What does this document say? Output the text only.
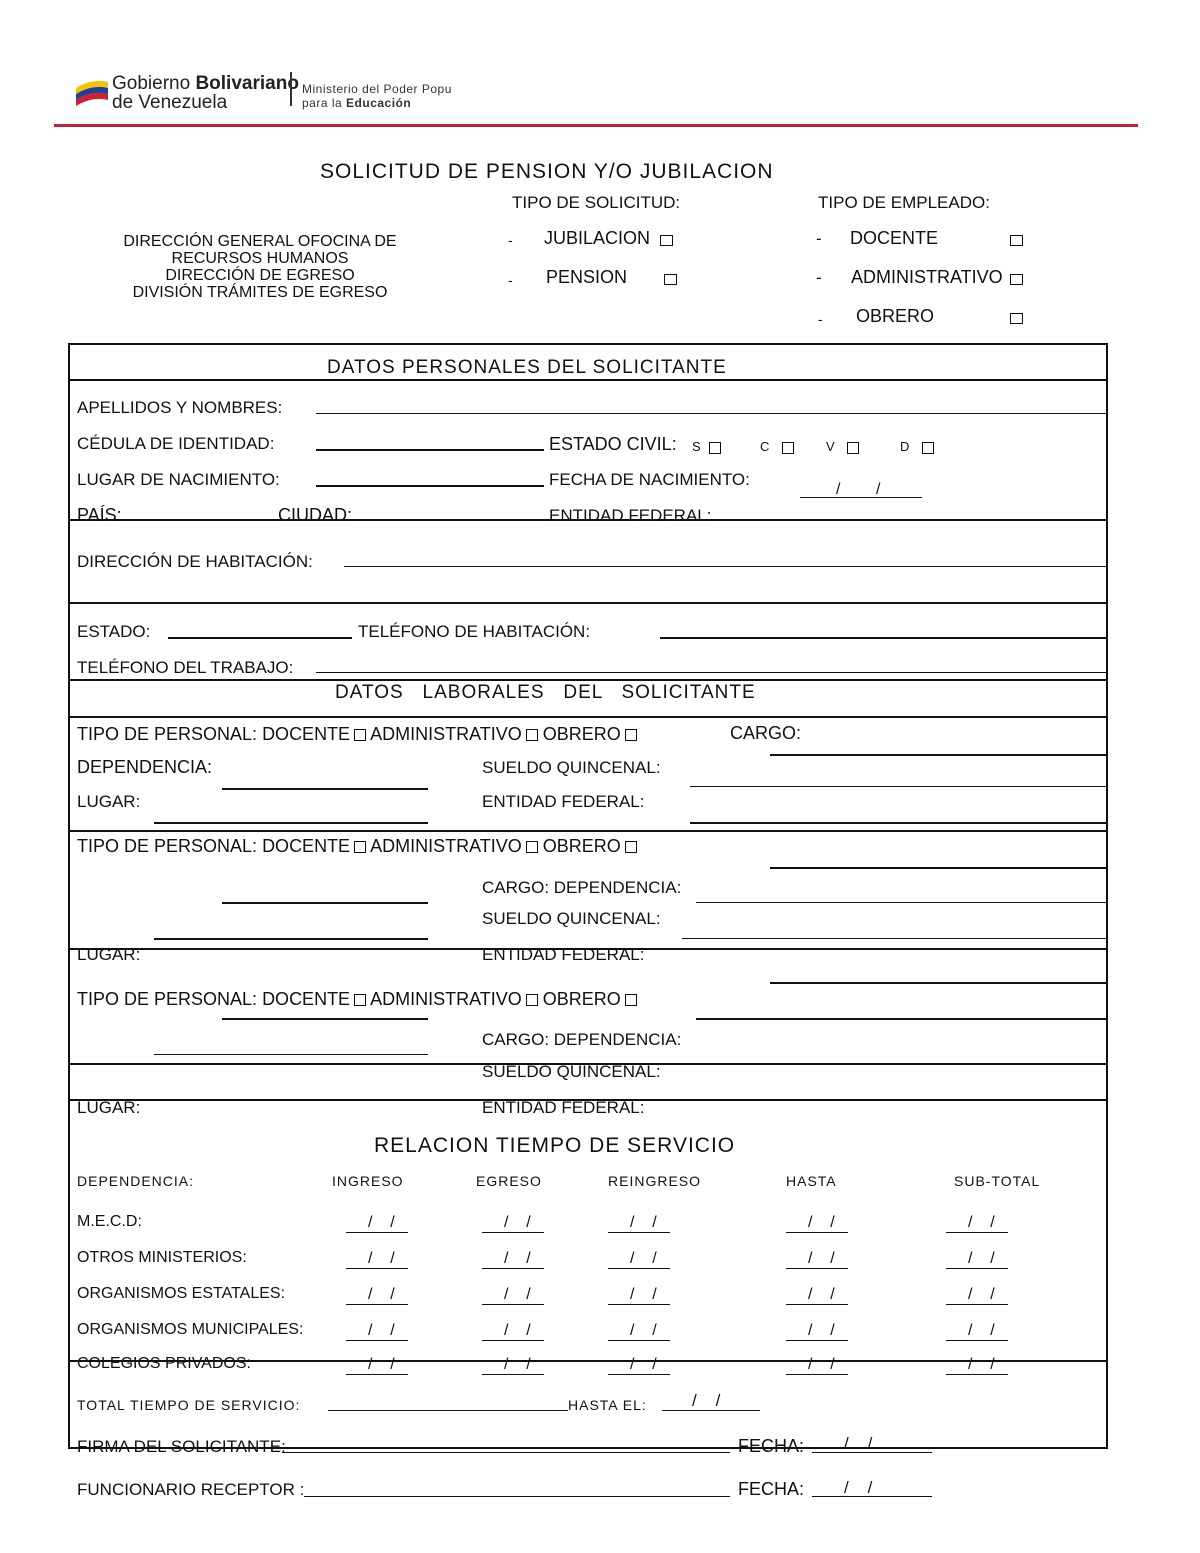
Gobierno Bolivariano
de Venezuela
Ministerio del Poder Popu
para la Educación
SOLICITUD DE PENSION Y/O JUBILACION
DIRECCIÓN GENERAL OFOCINA DE
RECURSOS HUMANOS
DIRECCIÓN DE EGRESO
DIVISIÓN TRÁMITES DE EGRESO
TIPO DE SOLICITUD:
- JUBILACION
- PENSION
TIPO DE EMPLEADO:
- DOCENTE
- ADMINISTRATIVO
- OBRERO
DATOS PERSONALES DEL SOLICITANTE
APELLIDOS Y NOMBRES:
CÉDULA DE IDENTIDAD:	ESTADO CIVIL: S	C	V	D
LUGAR DE NACIMIENTO:	FECHA DE NACIMIENTO:
/ /
PAÍS:	CIUDAD:	ENTIDAD FEDERAL:
DIRECCIÓN DE HABITACIÓN:
ESTADO:	TELÉFONO DE HABITACIÓN:
TELÉFONO DEL TRABAJO:
DATOS   LABORALES   DEL   SOLICITANTE
TIPO DE PERSONAL: DOCENTE ADMINISTRATIVO OBRERO	CARGO:
DEPENDENCIA:	SUELDO QUINCENAL:
LUGAR:	ENTIDAD FEDERAL:
TIPO DE PERSONAL: DOCENTE ADMINISTRATIVO OBRERO
CARGO: DEPENDENCIA:
SUELDO QUINCENAL:
LUGAR:	ENTIDAD FEDERAL:
TIPO DE PERSONAL: DOCENTE ADMINISTRATIVO OBRERO
CARGO: DEPENDENCIA:
SUELDO QUINCENAL:
LUGAR:	ENTIDAD FEDERAL:
RELACION TIEMPO DE SERVICIO
DEPENDENCIA:	INGRESO	EGRESO	REINGRESO	HASTA	SUB-TOTAL
M.E.C.D:	/    /	/    /	/    /	/    /	/    /
OTROS MINISTERIOS:	/    /	/    /	/    /	/    /	/    /
ORGANISMOS ESTATALES:	/    /	/    /	/    /	/    /	/    /
ORGANISMOS MUNICIPALES:	/    /	/    /	/    /	/    /	/    /
COLEGIOS PRIVADOS:	/    /	/    /	/    /	/    /	/    /
TOTAL TIEMPO DE SERVICIO:	HASTA EL:	/    /
FIRMA DEL SOLICITANTE:	FECHA: /    /
FUNCIONARIO RECEPTOR :	FECHA: /    /
